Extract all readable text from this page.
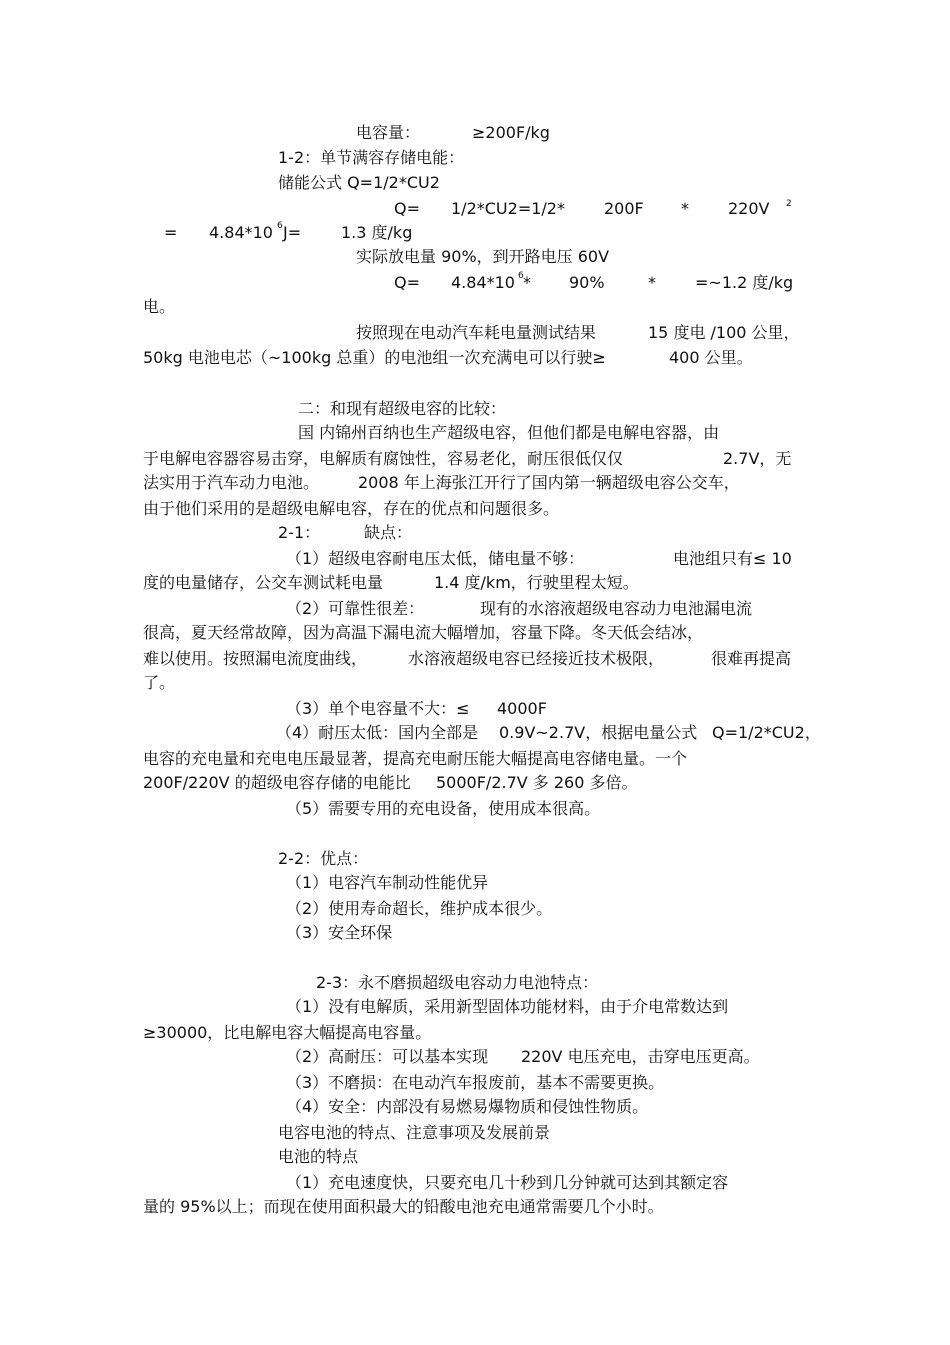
电容量：	≥200F/kg
1-2：单节满容存储电能：
储能公式 Q=1/2*CU2
Q= 1/2*CU2=1/2* 200F * 220V 2
= 4.84*10 6 J= 1.3 度/kg
实际放电量 90%，到开路电压 60V
Q= 4.84*10 6 * 90%	* =~1.2 度/kg
电。
按照现在电动汽车耗电量测试结果	15 度电 /100 公里，
50kg 电池电芯（~100kg 总重）的电池组一次充满电可以行驶≥	400 公里。
二：和现有超级电容的比较：
国 内锦州百纳也生产超级电容，但他们都是电解电容器，由
于电解电容器容易击穿，电解质有腐蚀性，容易老化，耐压很低仅仅	2.7V，无
法实用于汽车动力电池。 2008 年上海张江开行了国内第一辆超级电容公交车，
由于他们采用的是超级电解电容，存在的优点和问题很多。
2-1：	缺点：
（1）超级电容耐电压太低，储电量不够：	电池组只有≤ 10
度的电量储存，公交车测试耗电量	1.4 度/km，行驶里程太短。
（2）可靠性很差：	现有的水溶液超级电容动力电池漏电流
很高，夏天经常故障，因为高温下漏电流大幅增加，容量下降。冬天低会结冰，
难以使用。按照漏电流度曲线，	水溶液超级电容已经接近技术极限，	很难再提高
了。
（3）单个电容量不大：≤ 4000F
（4）耐压太低：国内全部是 0.9V~2.7V，根据电量公式 Q=1/2*CU2，
电容的充电量和充电电压最显著，提高充电耐压能大幅提高电容储电量。一个
200F/220V 的超级电容存储的电能比 5000F/2.7V 多 260 多倍。
（5）需要专用的充电设备，使用成本很高。
2-2：优点：
（1）电容汽车制动性能优异
（2）使用寿命超长，维护成本很少。
（3）安全环保
2-3：永不磨损超级电容动力电池特点：
（1）没有电解质，采用新型固体功能材料，由于介电常数达到
≥30000，比电解电容大幅提高电容量。
（2）高耐压：可以基本实现 220V 电压充电，击穿电压更高。
（3）不磨损：在电动汽车报废前，基本不需要更换。
（4）安全：内部没有易燃易爆物质和侵蚀性物质。
电容电池的特点、注意事项及发展前景
电池的特点
（1）充电速度快，只要充电几十秒到几分钟就可达到其额定容
量的 95%以上；而现在使用面积最大的铅酸电池充电通常需要几个小时。
